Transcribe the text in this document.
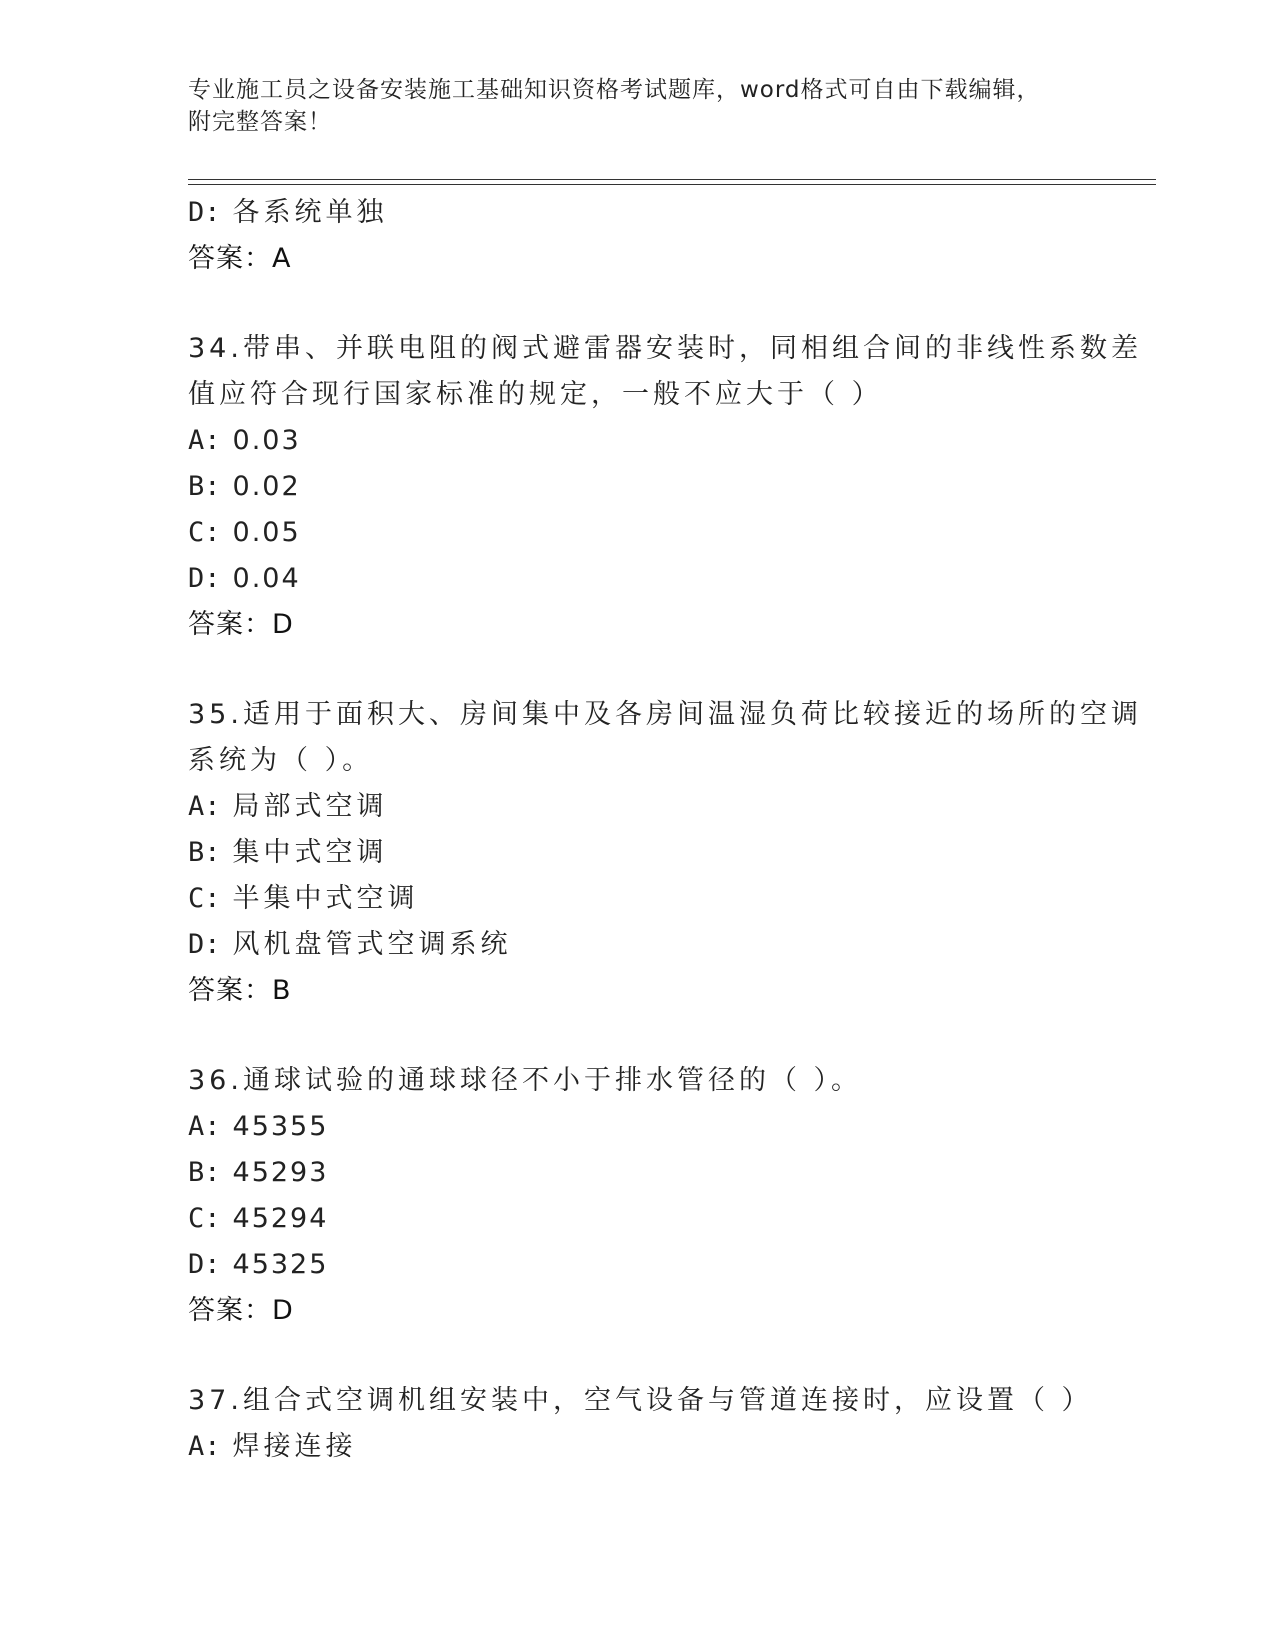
专业施工员之设备安装施工基础知识资格考试题库，word格式可自由下载编辑，
附完整答案！
D: 各系统单独
答案：A
34.带串、并联电阻的阀式避雷器安装时，同相组合间的非线性系数差
值应符合现行国家标准的规定，一般不应大于（ ）
A: 0.03
B: 0.02
C: 0.05
D: 0.04
答案：D
35.适用于面积大、房间集中及各房间温湿负荷比较接近的场所的空调
系统为（ ）。
A: 局部式空调
B: 集中式空调
C: 半集中式空调
D: 风机盘管式空调系统
答案：B
36.通球试验的通球球径不小于排水管径的（ ）。
A: 45355
B: 45293
C: 45294
D: 45325
答案：D
37.组合式空调机组安装中，空气设备与管道连接时，应设置（ ）
A: 焊接连接
